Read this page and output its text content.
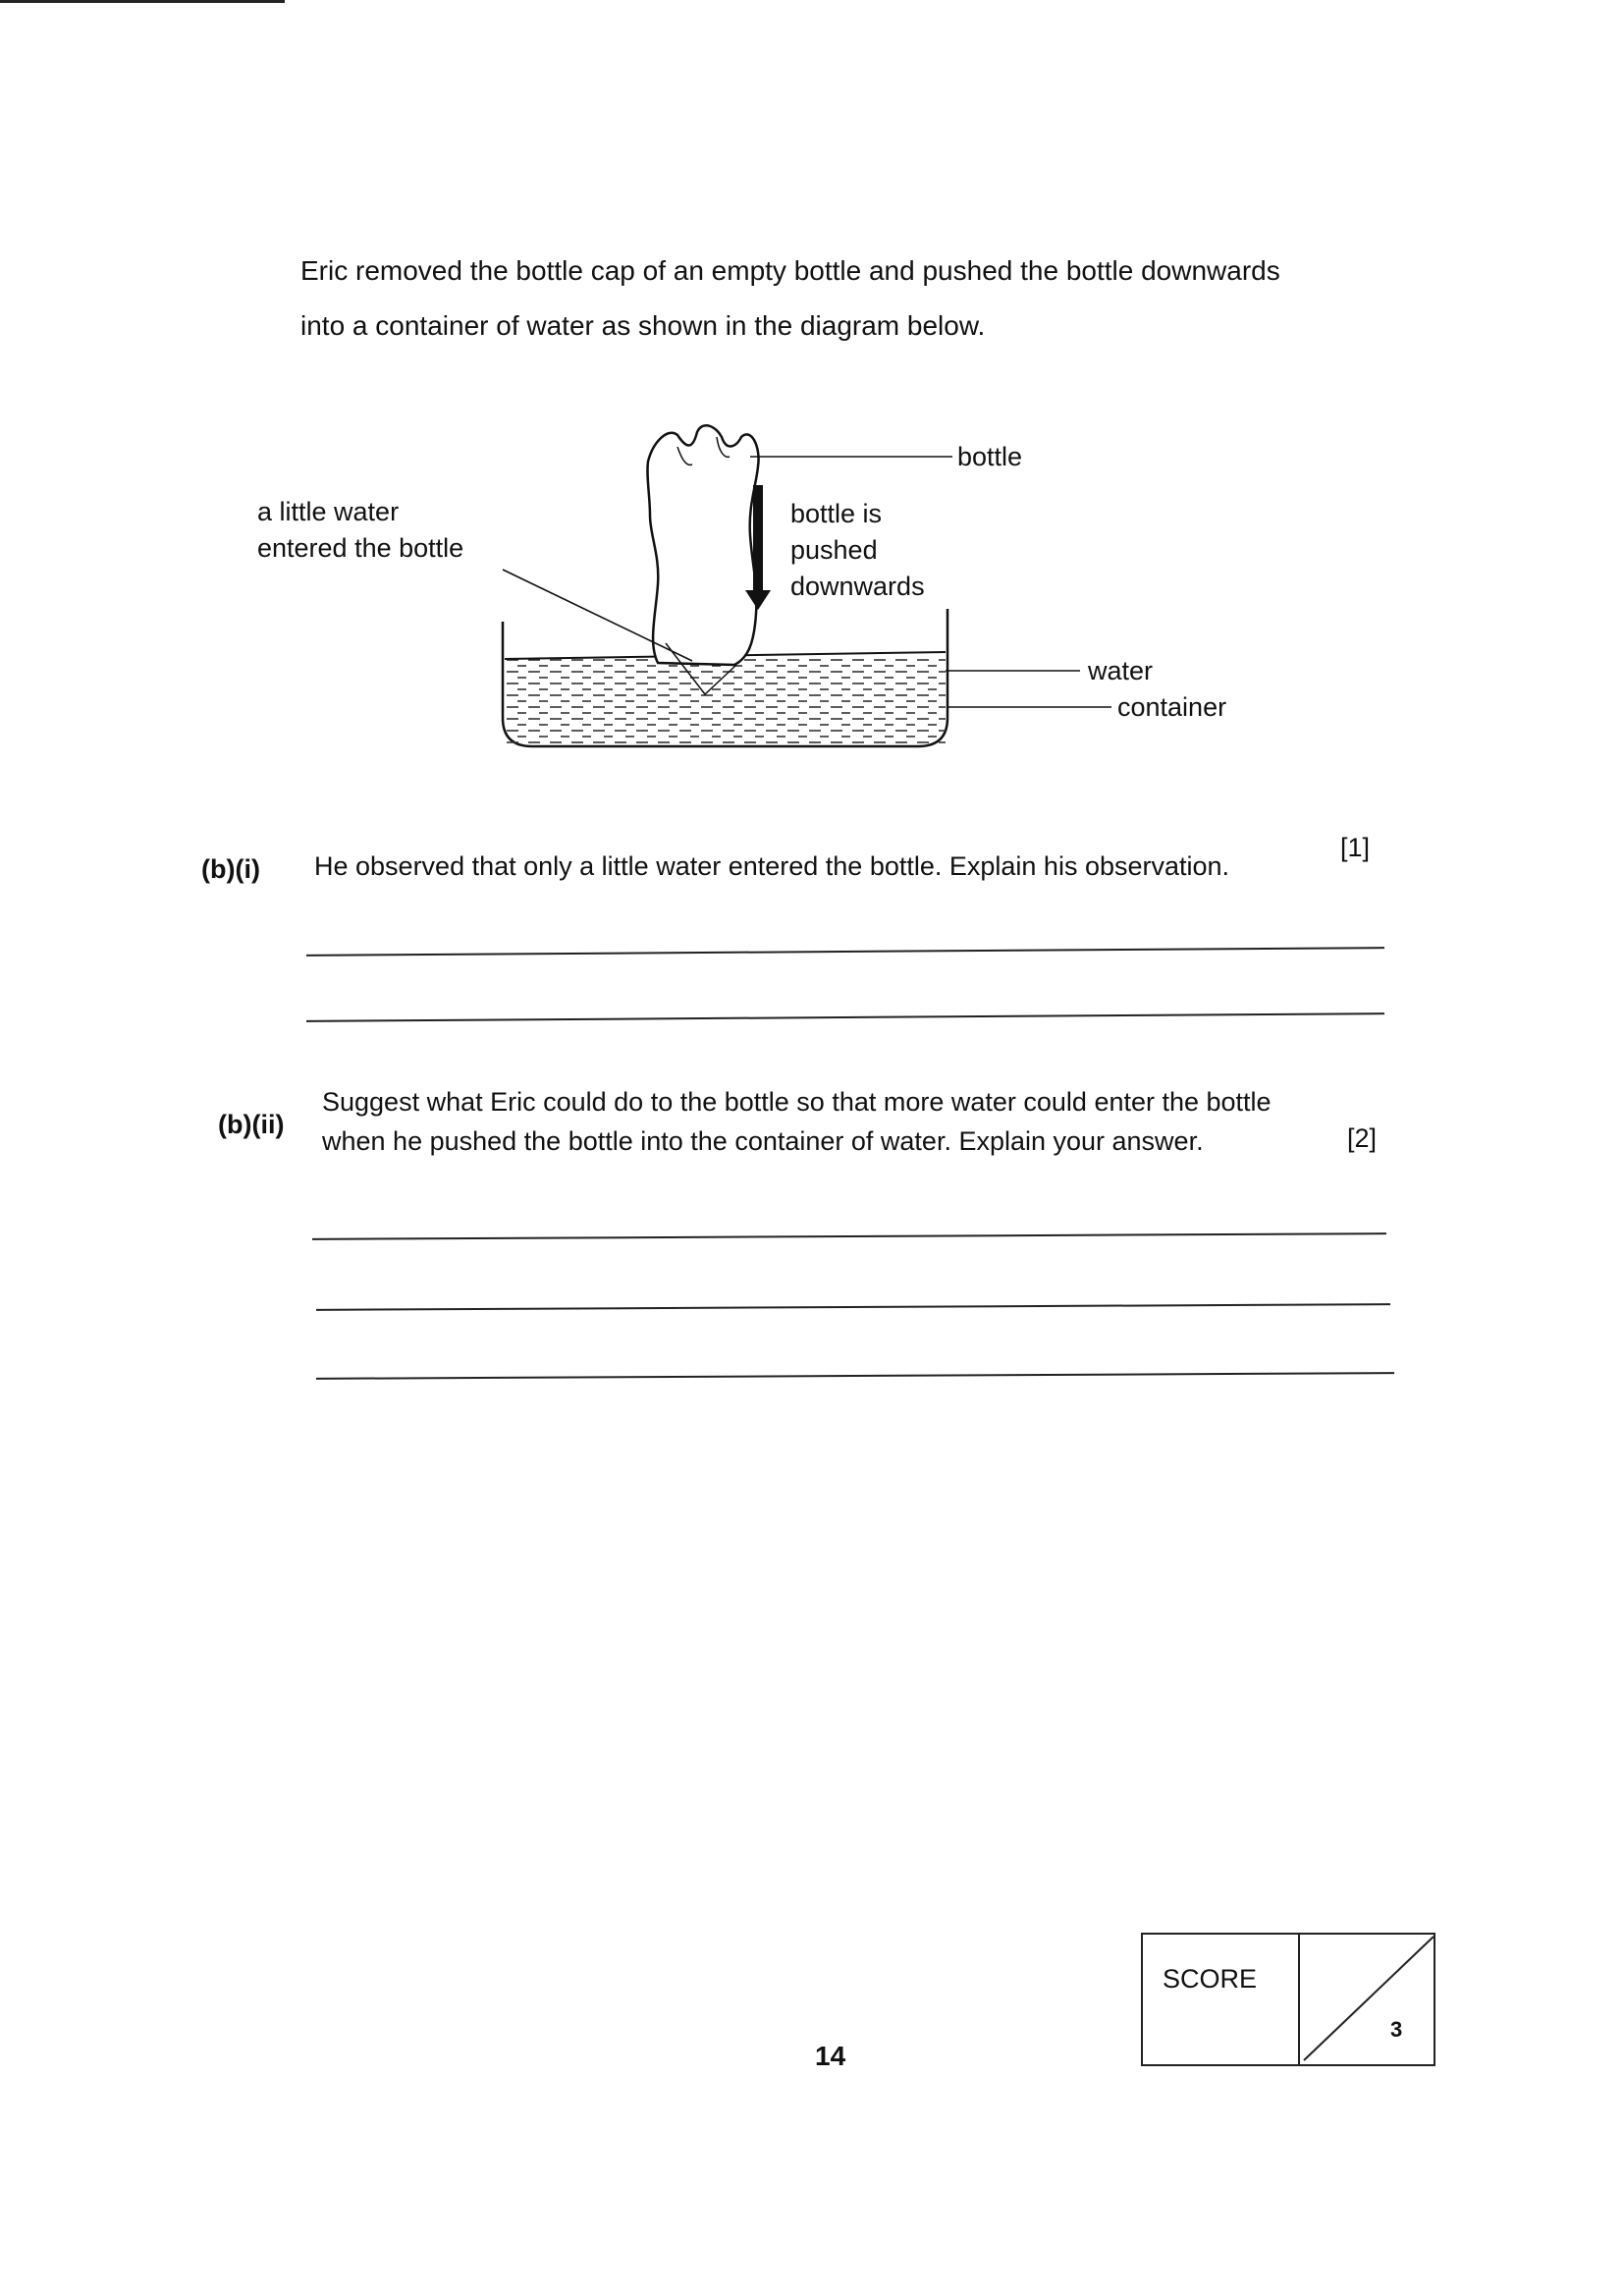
Eric removed the bottle cap of an empty bottle and pushed the bottle downwards
into a container of water as shown in the diagram below.
bottle
a little water
entered the bottle
bottle is
pushed
downwards
water
container
(b)(i) He observed that only a little water entered the bottle. Explain his observation.
[1]
(b)(ii)
Suggest what Eric could do to the bottle so that more water could enter the bottle
when he pushed the bottle into the container of water. Explain your answer.	[2]
14
SCORE
3
